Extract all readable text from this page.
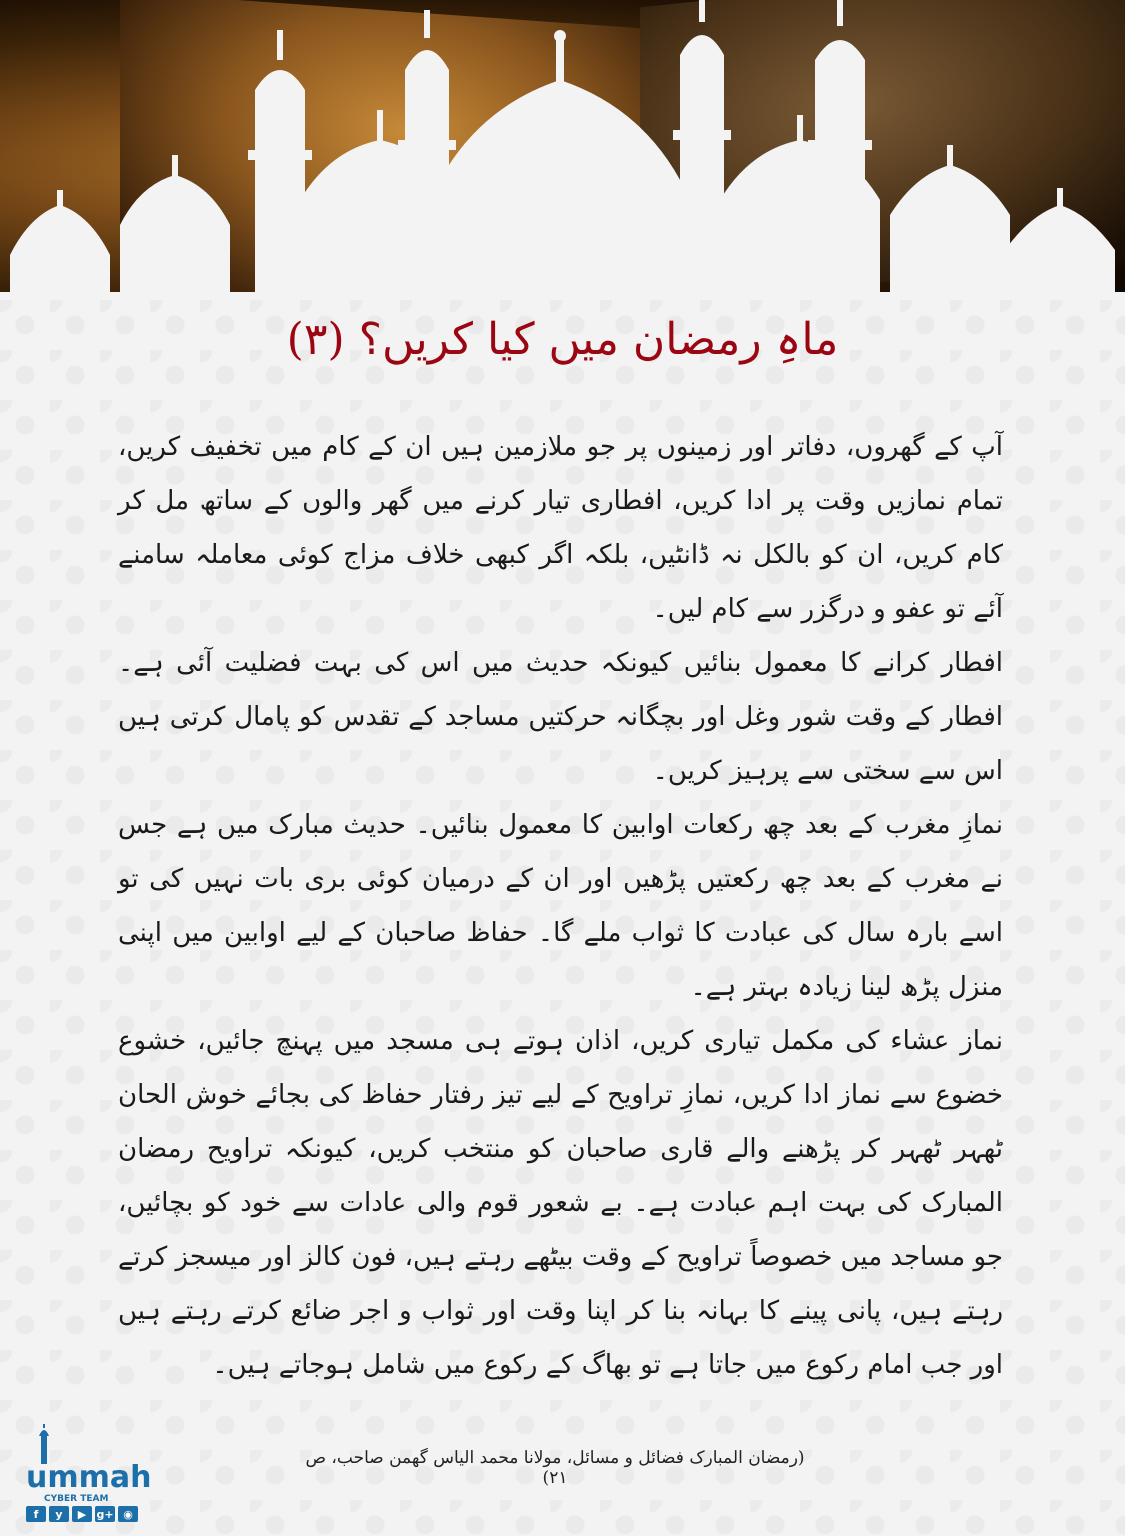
ماہِ رمضان میں کیا کریں؟ (۳)

آپ کے گھروں، دفاتر اور زمینوں پر جو ملازمین ہیں ان کے کام میں تخفیف کریں، تمام نمازیں وقت پر ادا کریں، افطاری تیار کرنے میں گھر والوں کے ساتھ مل کر کام کریں، ان کو بالکل نہ ڈانٹیں، بلکہ اگر کبھی خلاف مزاج کوئی معاملہ سامنے آئے تو عفو و درگزر سے کام لیں۔

افطار کرانے کا معمول بنائیں کیونکہ حدیث میں اس کی بہت فضلیت آئی ہے۔ افطار کے وقت شور وغل اور بچگانہ حرکتیں مساجد کے تقدس کو پامال کرتی ہیں اس سے سختی سے پرہیز کریں۔

نمازِ مغرب کے بعد چھ رکعات اوابین کا معمول بنائیں۔ حدیث مبارک میں ہے جس نے مغرب کے بعد چھ رکعتیں پڑھیں اور ان کے درمیان کوئی بری بات نہیں کی تو اسے بارہ سال کی عبادت کا ثواب ملے گا۔ حفاظ صاحبان کے لیے اوابین میں اپنی منزل پڑھ لینا زیادہ بہتر ہے۔

نماز عشاء کی مکمل تیاری کریں، اذان ہوتے ہی مسجد میں پہنچ جائیں، خشوع خضوع سے نماز ادا کریں، نمازِ تراویح کے لیے تیز رفتار حفاظ کی بجائے خوش الحان ٹھہر ٹھہر کر پڑھنے والے قاری صاحبان کو منتخب کریں، کیونکہ تراویح رمضان المبارک کی بہت اہم عبادت ہے۔ بے شعور قوم والی عادات سے خود کو بچائیں، جو مساجد میں خصوصاً تراویح کے وقت بیٹھے رہتے ہیں، فون کالز اور میسجز کرتے رہتے ہیں، پانی پینے کا بہانہ بنا کر اپنا وقت اور ثواب و اجر ضائع کرتے رہتے ہیں اور جب امام رکوع میں جاتا ہے تو بھاگ کے رکوع میں شامل ہوجاتے ہیں۔

(رمضان المبارک فضائل و مسائل، مولانا محمد الیاس گھمن صاحب، ص ۲۱)
ummah
CYBER TEAM
f	y	▶ g+ ◉
